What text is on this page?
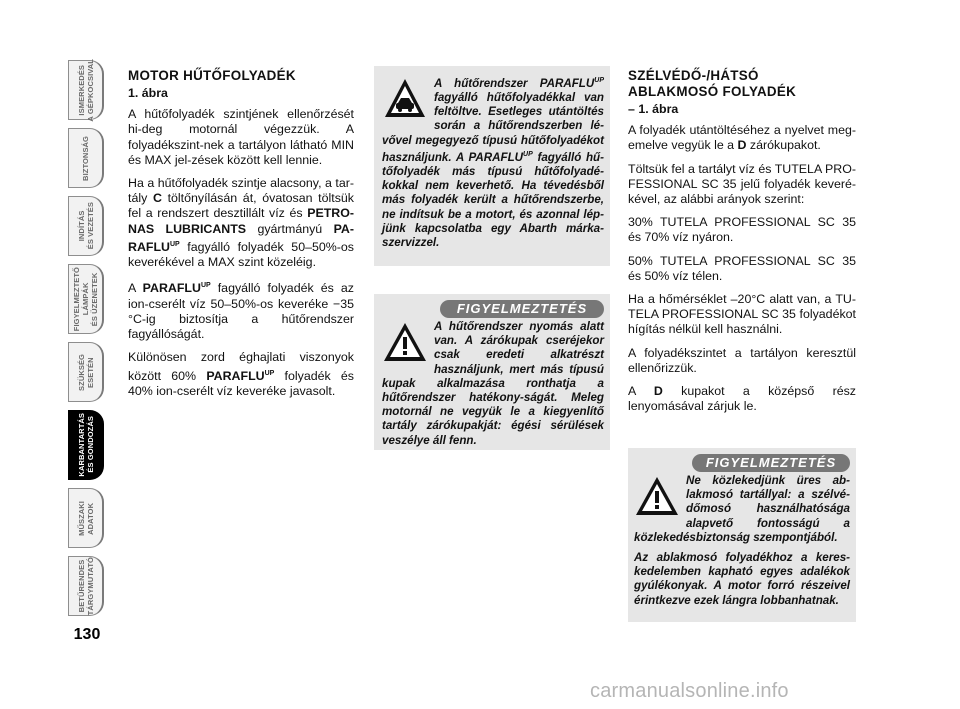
ISMERKEDÉS
A GÉPKOCSIVAL
BIZTONSÁG
INDÍTÁS
ÉS VEZETÉS
FIGYELMEZTETŐ
LÁMPÁK
ÉS ÜZENETEK
SZÜKSÉG
ESETÉN
KARBANTARTÁS
ÉS GONDOZÁS
MŰSZAKI
ADATOK
BETŰRENDES
TÁRGYMUTATÓ
130
MOTOR HŰTŐFOLYADÉK
1. ábra

A hűtőfolyadék szintjének ellenőrzését hi-deg motornál végezzük. A folyadékszint-nek a tartályon látható MIN és MAX jel-zések között kell lennie.

Ha a hűtőfolyadék szintje alacsony, a tar-tály C töltőnyílásán át, óvatosan töltsük fel a rendszert desztillált víz és PETRO-NAS LUBRICANTS gyártmányú $PA-RAFLU^{UP}$ fagyálló folyadék 50–50%-os keverékével a MAX szint közeléig.

A $PARAFLU^{UP}$ fagyálló folyadék és az ion-cserélt víz 50–50%-os keveréke −35 °C-ig biztosítja a hűtőrendszer fagyállóságát.

Különösen zord éghajlati viszonyok között 60% $PARAFLU^{UP}$ folyadék és 40% ion-cserélt víz keveréke javasolt.

A hűtőrendszer $PARAFLU^{UP}$ fagyálló hűtőfolyadékkal van feltöltve. Esetleges utántöltés során a hűtőrendszerben lé-vővel megegyező típusú hűtőfolyadékot használjunk. A $PARAFLU^{UP}$ fagyálló hű-tőfolyadék más típusú hűtőfolyadé-kokkal nem keverhető. Ha tévedésből más folyadék került a hűtőrendszerbe, ne indítsuk be a motort, és azonnal lép-jünk kapcsolatba egy Abarth márka-szervizzel.

FIGYELMEZTETÉS

A hűtőrendszer nyomás alatt van. A zárókupak cseréjekor csak eredeti alkatrészt használjunk, mert más típusú kupak alkalmazása ronthatja a hűtőrendszer hatékony-ságát. Meleg motornál ne vegyük le a kiegyenlítő tartály zárókupakját: égési sérülések veszélye áll fenn.

SZÉLVÉDŐ-/HÁTSÓ
ABLAKMOSÓ FOLYADÉK
– 1. ábra

A folyadék utántöltéséhez a nyelvet meg-emelve vegyük le a D zárókupakot.

Töltsük fel a tartályt víz és TUTELA PRO-FESSIONAL SC 35 jelű folyadék keveré-kével, az alábbi arányok szerint:

30% TUTELA PROFESSIONAL SC 35 és 70% víz nyáron.

50% TUTELA PROFESSIONAL SC 35 és 50% víz télen.

Ha a hőmérséklet –20°C alatt van, a TU-TELA PROFESSIONAL SC 35 folyadékot hígítás nélkül kell használni.

A folyadékszintet a tartályon keresztül ellenőrizzük.

A D kupakot a középső rész lenyomásával zárjuk le.

FIGYELMEZTETÉS

Ne közlekedjünk üres ab-lakmosó tartállyal: a szélvé-dőmosó használhatósága alapvető fontosságú a közlekedésbiztonság szempontjából.

Az ablakmosó folyadékhoz a keres-kedelemben kapható egyes adalékok gyúlékonyak. A motor forró részeivel érintkezve ezek lángra lobbanhatnak.

carmanualsonline.info
